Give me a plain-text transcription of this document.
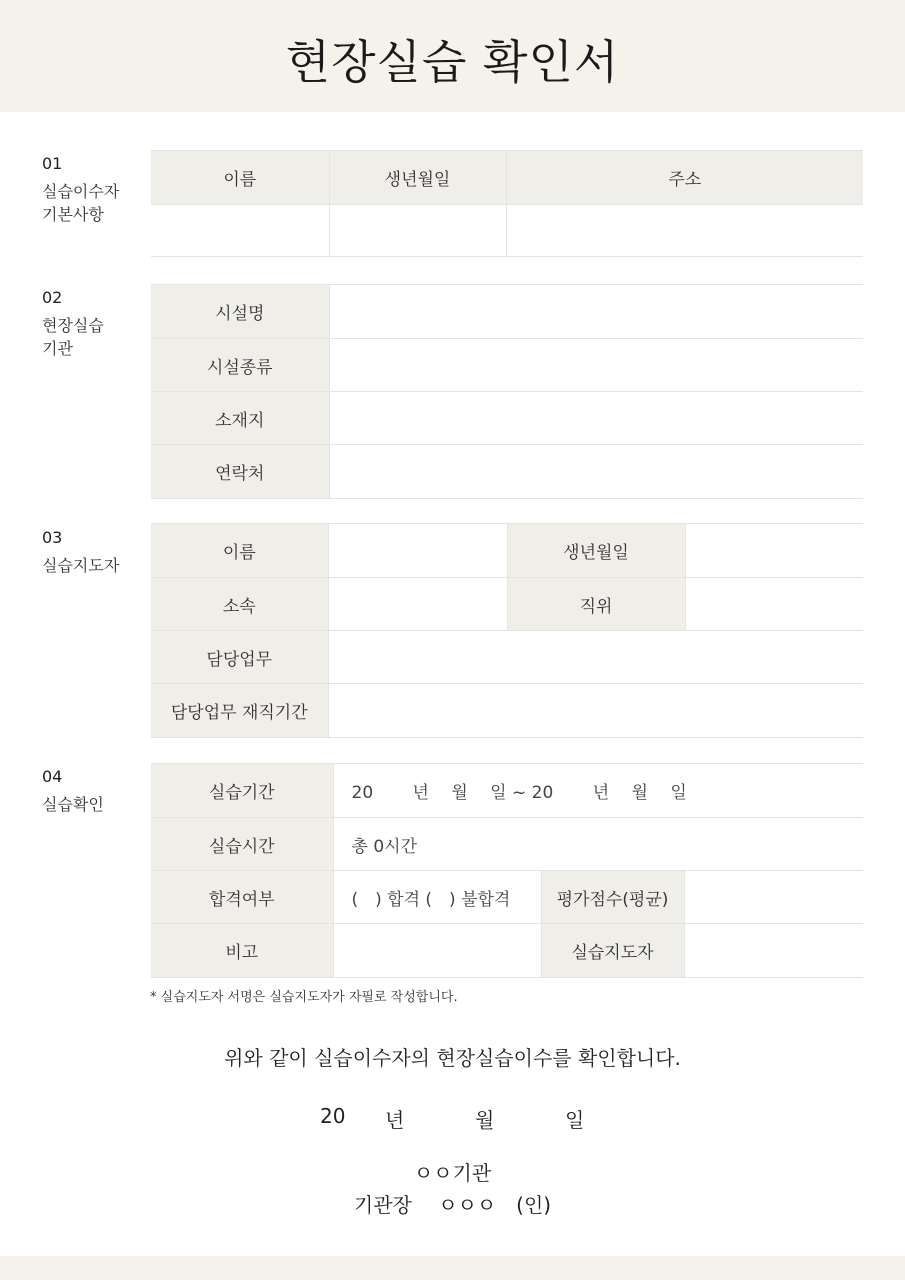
현장실습 확인서
01
실습이수자
기본사항
이름	생년월일	주소

02
현장실습
기관
시설명	
시설종류	
소재지	
연락처	
03
실습지도자
이름		생년월일	
소속		직위	
담당업무			
담당업무 재직기간			
04
실습확인
실습기간	20　　 년　 월　 일 ~ 20　　 년　 월　 일		
실습시간	총 0시간		
합격여부	(　) 합격 (　) 불합격	평가점수(평균)	
비고		실습지도자	
* 실습지도자 서명은 실습지도자가 자필로 작성합니다.
위와 같이 실습이수자의 현장실습이수를 확인합니다.
20 년	월	일
ㅇㅇ기관
기관장　 ㅇㅇㅇ　(인)
